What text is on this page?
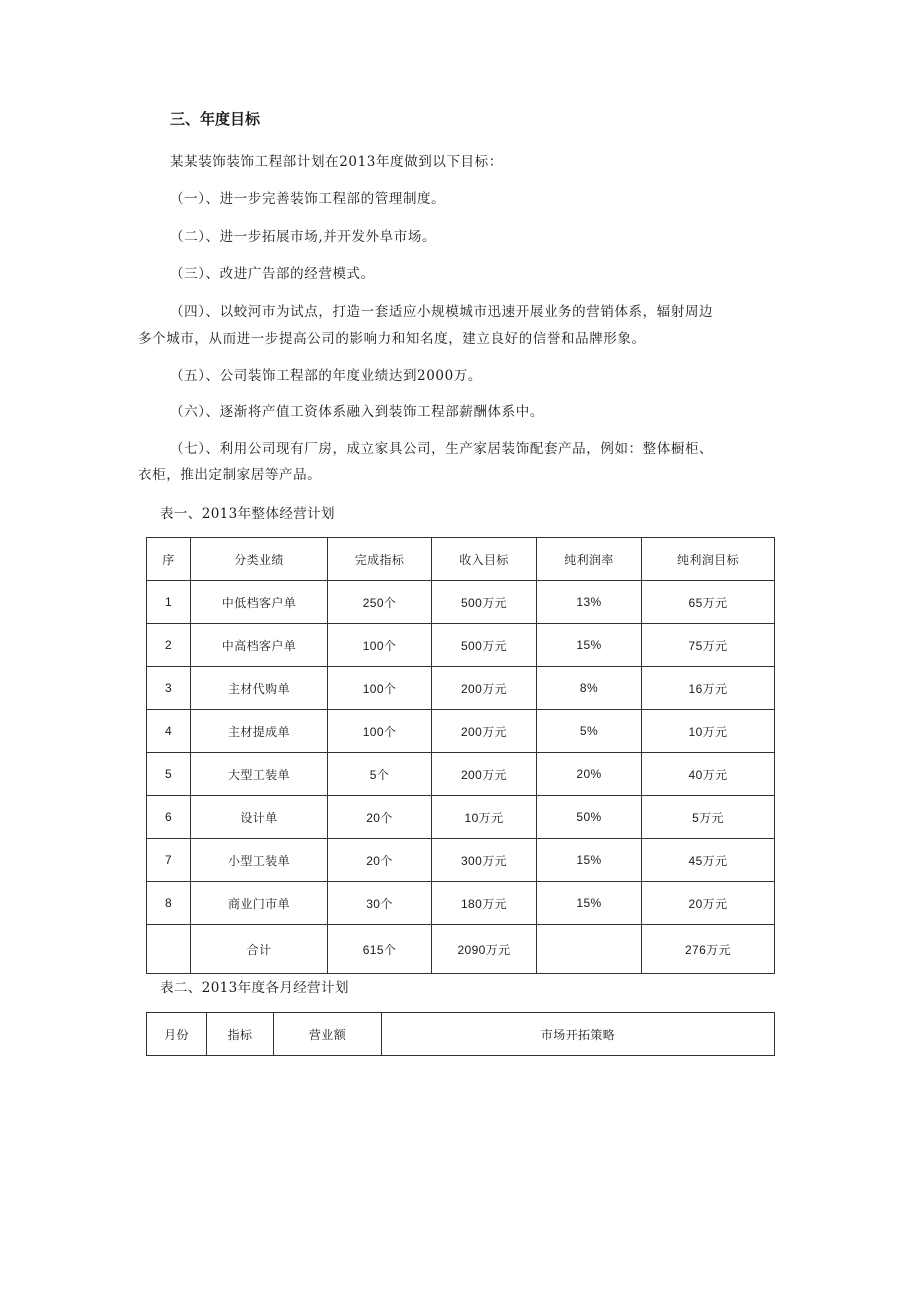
三、年度目标
某某装饰装饰工程部计划在2013年度做到以下目标：
（一）、进一步完善装饰工程部的管理制度。
（二）、进一步拓展市场,并开发外阜市场。
（三）、改进广告部的经营模式。
（四）、以蛟河市为试点，打造一套适应小规模城市迅速开展业务的营销体系，辐射周边
多个城市，从而进一步提高公司的影响力和知名度，建立良好的信誉和品牌形象。
（五）、公司装饰工程部的年度业绩达到2000万。
（六）、逐渐将产值工资体系融入到装饰工程部薪酬体系中。
（七）、利用公司现有厂房，成立家具公司，生产家居装饰配套产品，例如：整体橱柜、
衣柜，推出定制家居等产品。
表一、2013年整体经营计划
序	分类业绩	完成指标	收入目标	纯利润率	纯利润目标
1	中低档客户单	250个	500万元	13%	65万元
2	中高档客户单	100个	500万元	15%	75万元
3	主材代购单	100个	200万元	8%	16万元
4	主材提成单	100个	200万元	5%	10万元
5	大型工装单	5个	200万元	20%	40万元
6	设计单	20个	10万元	50%	5万元
7	小型工装单	20个	300万元	15%	45万元
8	商业门市单	30个	180万元	15%	20万元
	合计	615个	2090万元		276万元
表二、2013年度各月经营计划
月份	指标	营业额	市场开拓策略
